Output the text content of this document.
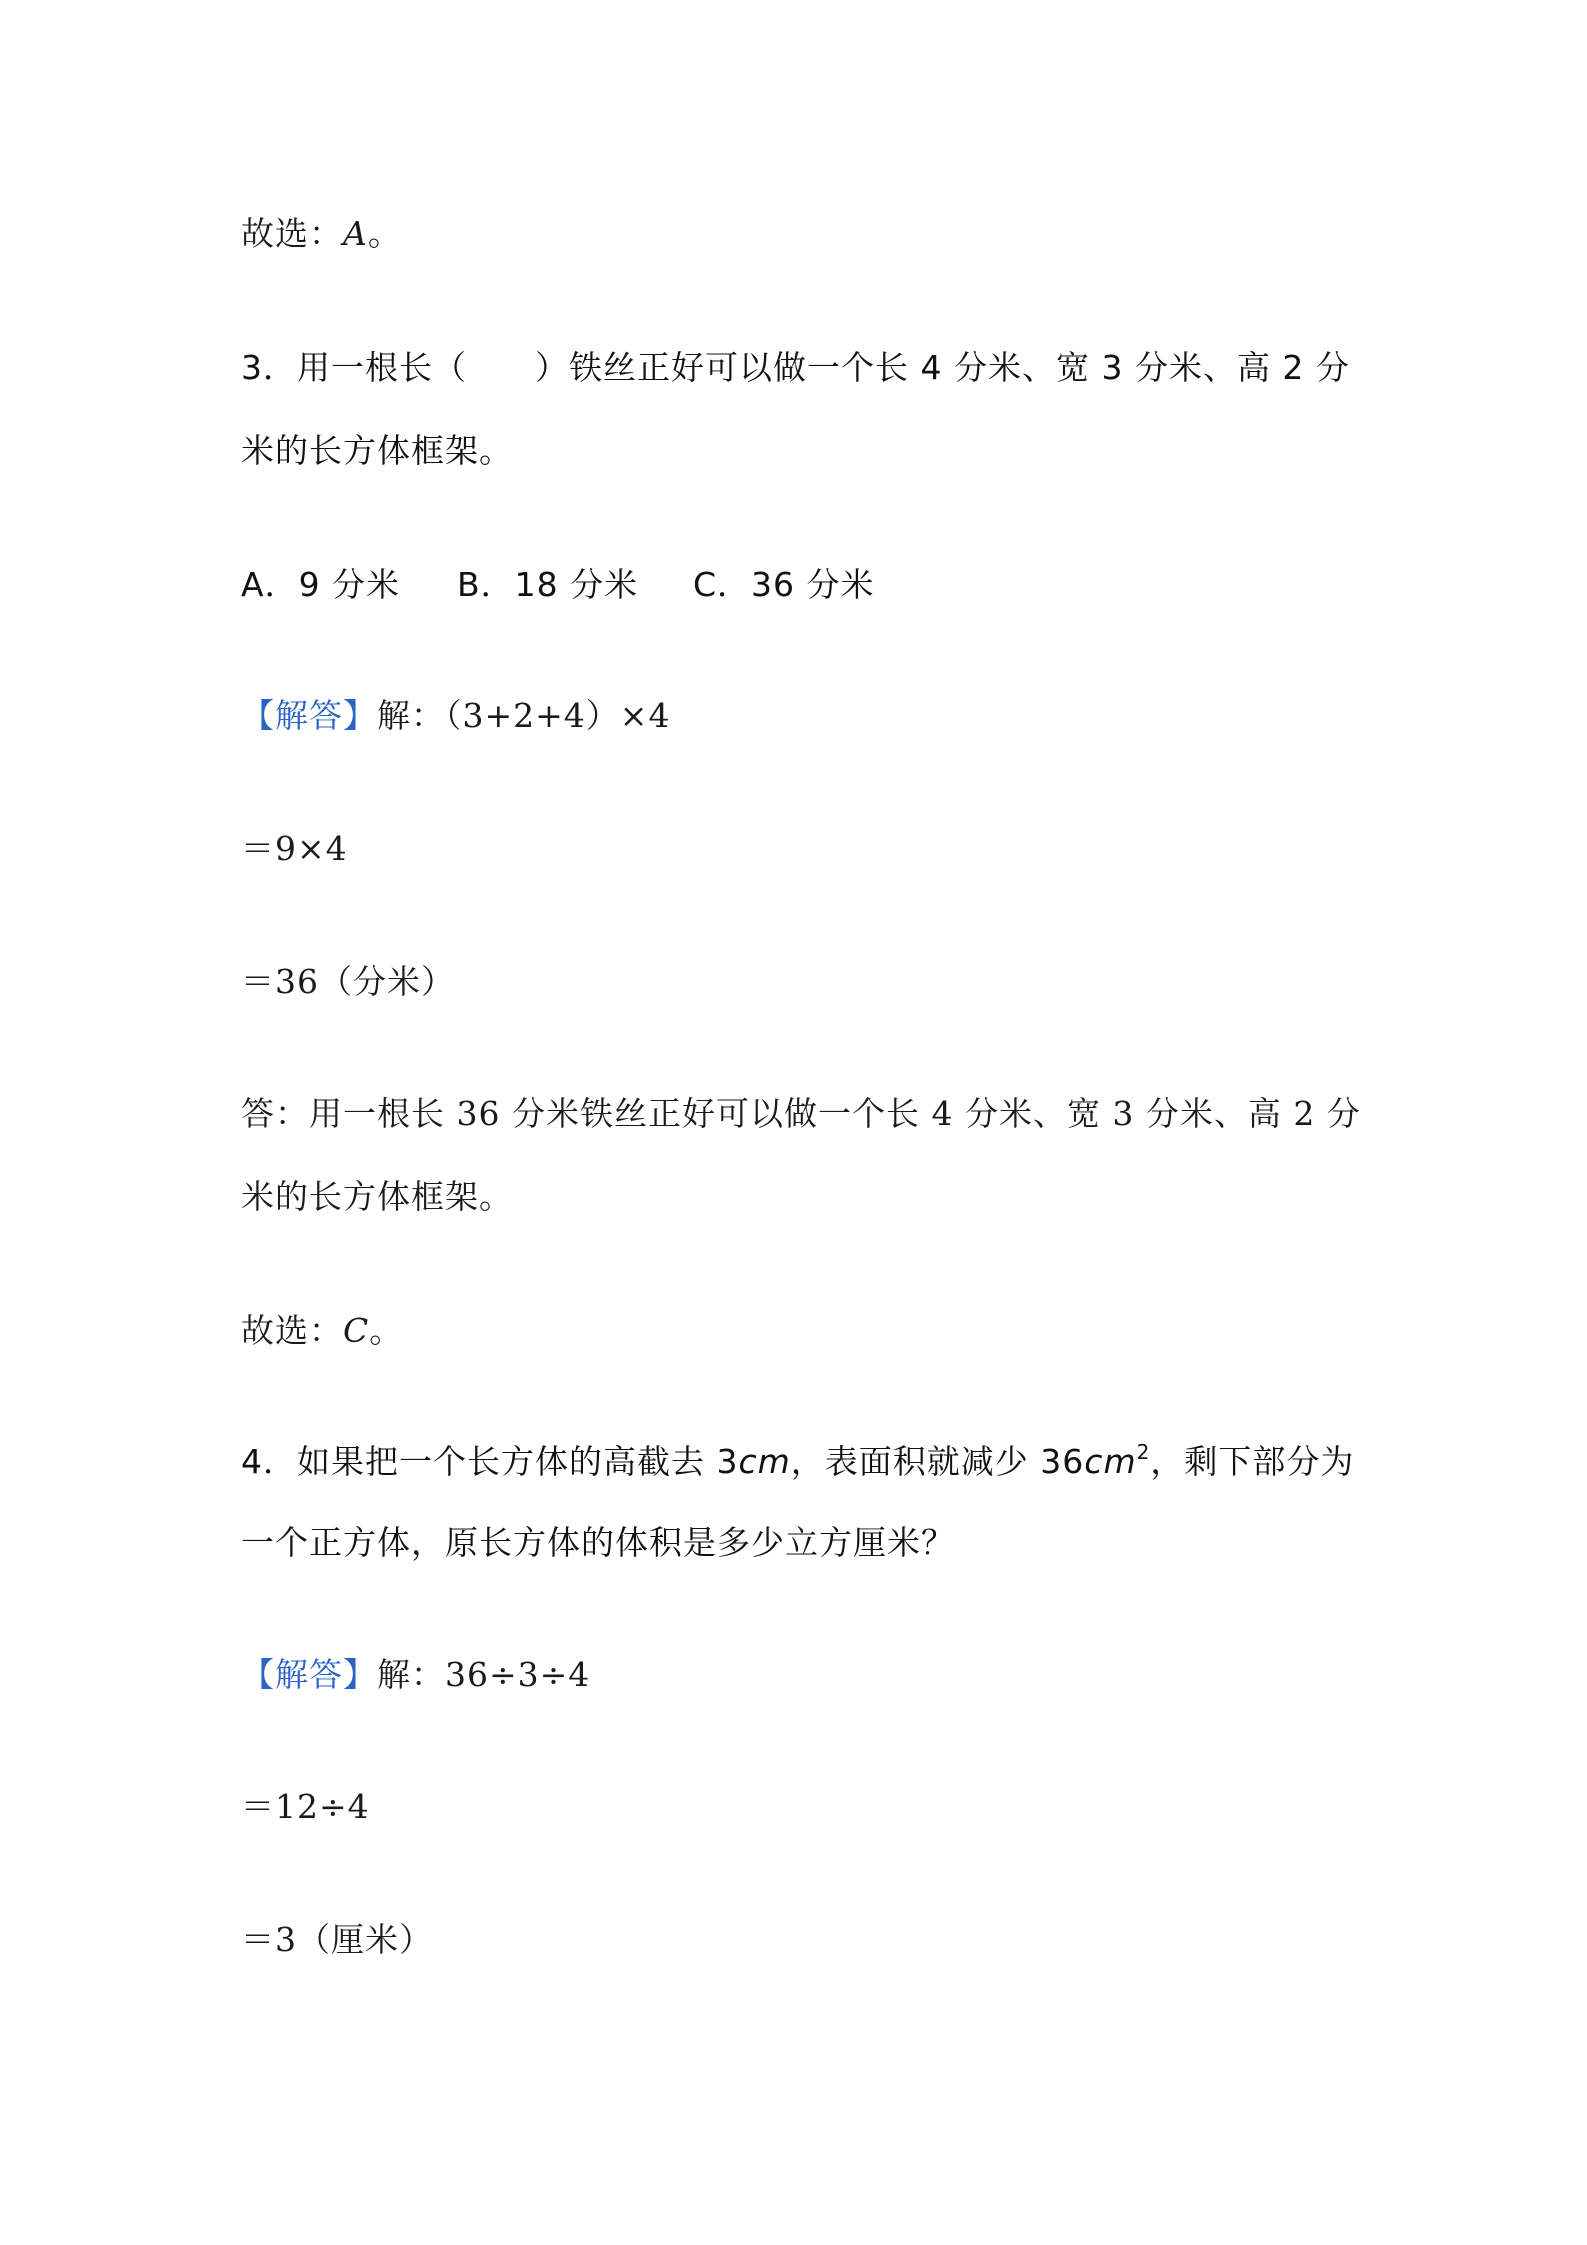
故选：A。
3．用一根长（　　）铁丝正好可以做一个长 4 分米、宽 3 分米、高 2 分
米的长方体框架。
A．9 分米 B．18 分米 C．36 分米
【解答】解：（3+2+4）×4
＝9×4
＝36（分米）
答：用一根长 36 分米铁丝正好可以做一个长 4 分米、宽 3 分米、高 2 分
米的长方体框架。
故选：C。
4．如果把一个长方体的高截去 3cm，表面积就减少 $36cm^2$，剩下部分为
一个正方体，原长方体的体积是多少立方厘米？
【解答】解：36÷3÷4
＝12÷4
＝3（厘米）
